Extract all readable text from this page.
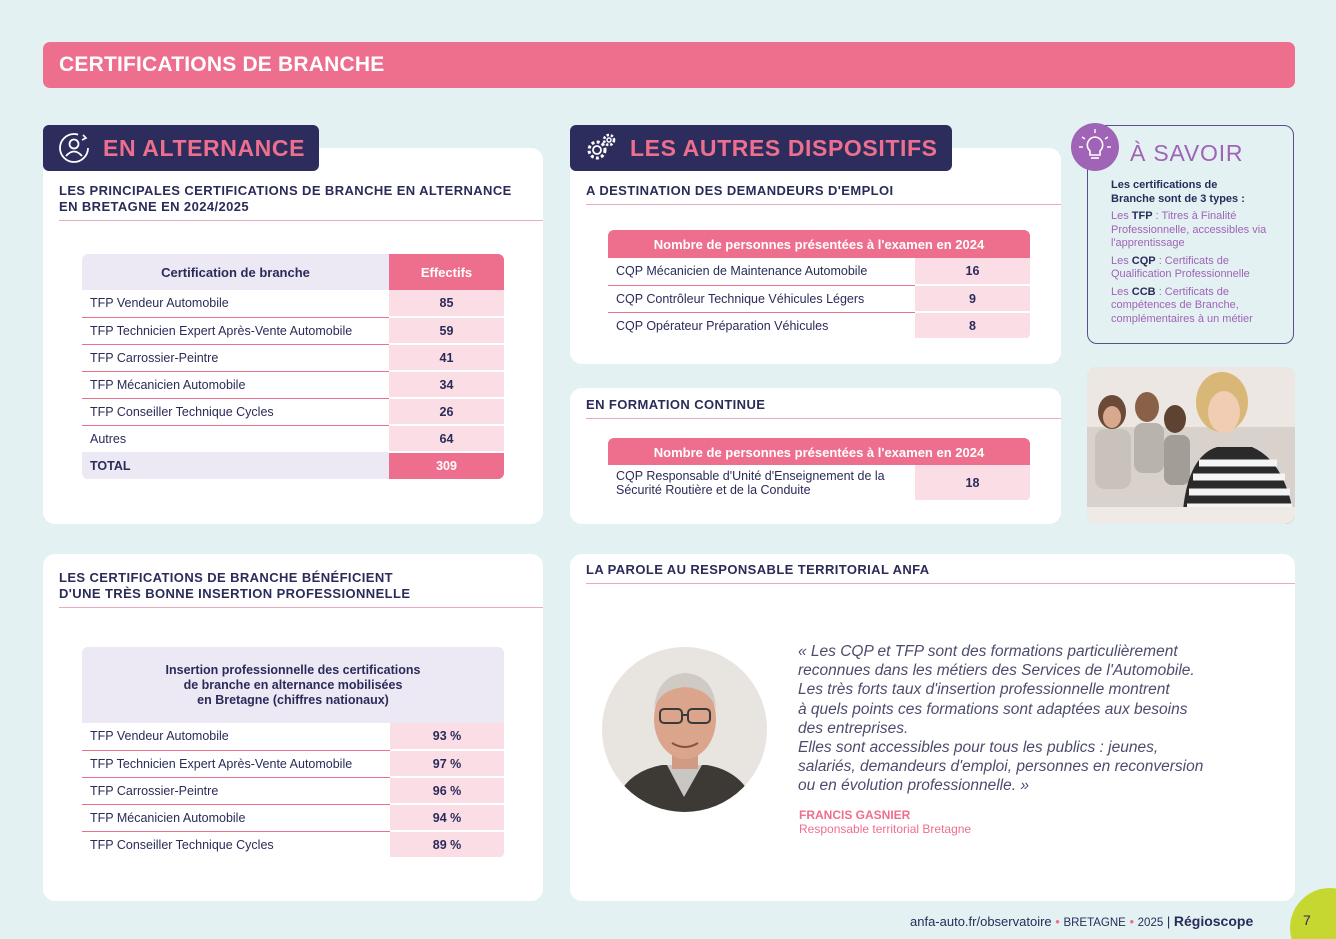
CERTIFICATIONS DE BRANCHE
LES PRINCIPALES CERTIFICATIONS DE BRANCHE EN ALTERNANCE
EN BRETAGNE EN 2024/2025
Certification de branche	Effectifs
TFP Vendeur Automobile	85
TFP Technicien Expert Après-Vente Automobile	59
TFP Carrossier-Peintre	41
TFP Mécanicien Automobile	34
TFP Conseiller Technique Cycles	26
Autres	64
TOTAL	309
EN ALTERNANCE
A DESTINATION DES DEMANDEURS D'EMPLOI
Nombre de personnes présentées à l'examen en 2024
CQP Mécanicien de Maintenance Automobile	16
CQP Contrôleur Technique Véhicules Légers	9
CQP Opérateur Préparation Véhicules	8
LES AUTRES DISPOSITIFS
EN FORMATION CONTINUE
Nombre de personnes présentées à l'examen en 2024
CQP Responsable d'Unité d'Enseignement de la
Sécurité Routière et de la Conduite
	18
À SAVOIR

Les certifications de
Branche sont de 3 types :

Les TFP : Titres à Finalité Professionnelle, accessibles via l'apprentissage

Les CQP : Certificats de Qualification Professionnelle

Les CCB : Certificats de compétences de Branche, complémentaires à un métier

LES CERTIFICATIONS DE BRANCHE BÉNÉFICIENT
D'UNE TRÈS BONNE INSERTION PROFESSIONNELLE
Insertion professionnelle des certifications
de branche en alternance mobilisées
en Bretagne (chiffres nationaux)
TFP Vendeur Automobile	93 %
TFP Technicien Expert Après-Vente Automobile	97 %
TFP Carrossier-Peintre	96 %
TFP Mécanicien Automobile	94 %
TFP Conseiller Technique Cycles	89 %
LA PAROLE AU RESPONSABLE TERRITORIAL ANFA
« Les CQP et TFP sont des formations particulièrement
reconnues dans les métiers des Services de l'Automobile.
Les très forts taux d'insertion professionnelle montrent
à quels points ces formations sont adaptées aux besoins
des entreprises.
Elles sont accessibles pour tous les publics : jeunes,
salariés, demandeurs d'emploi, personnes en reconversion
ou en évolution professionnelle. »
FRANCIS GASNIER
Responsable territorial Bretagne
anfa-auto.fr/observatoire • BRETAGNE • 2025 | Régioscope	7
